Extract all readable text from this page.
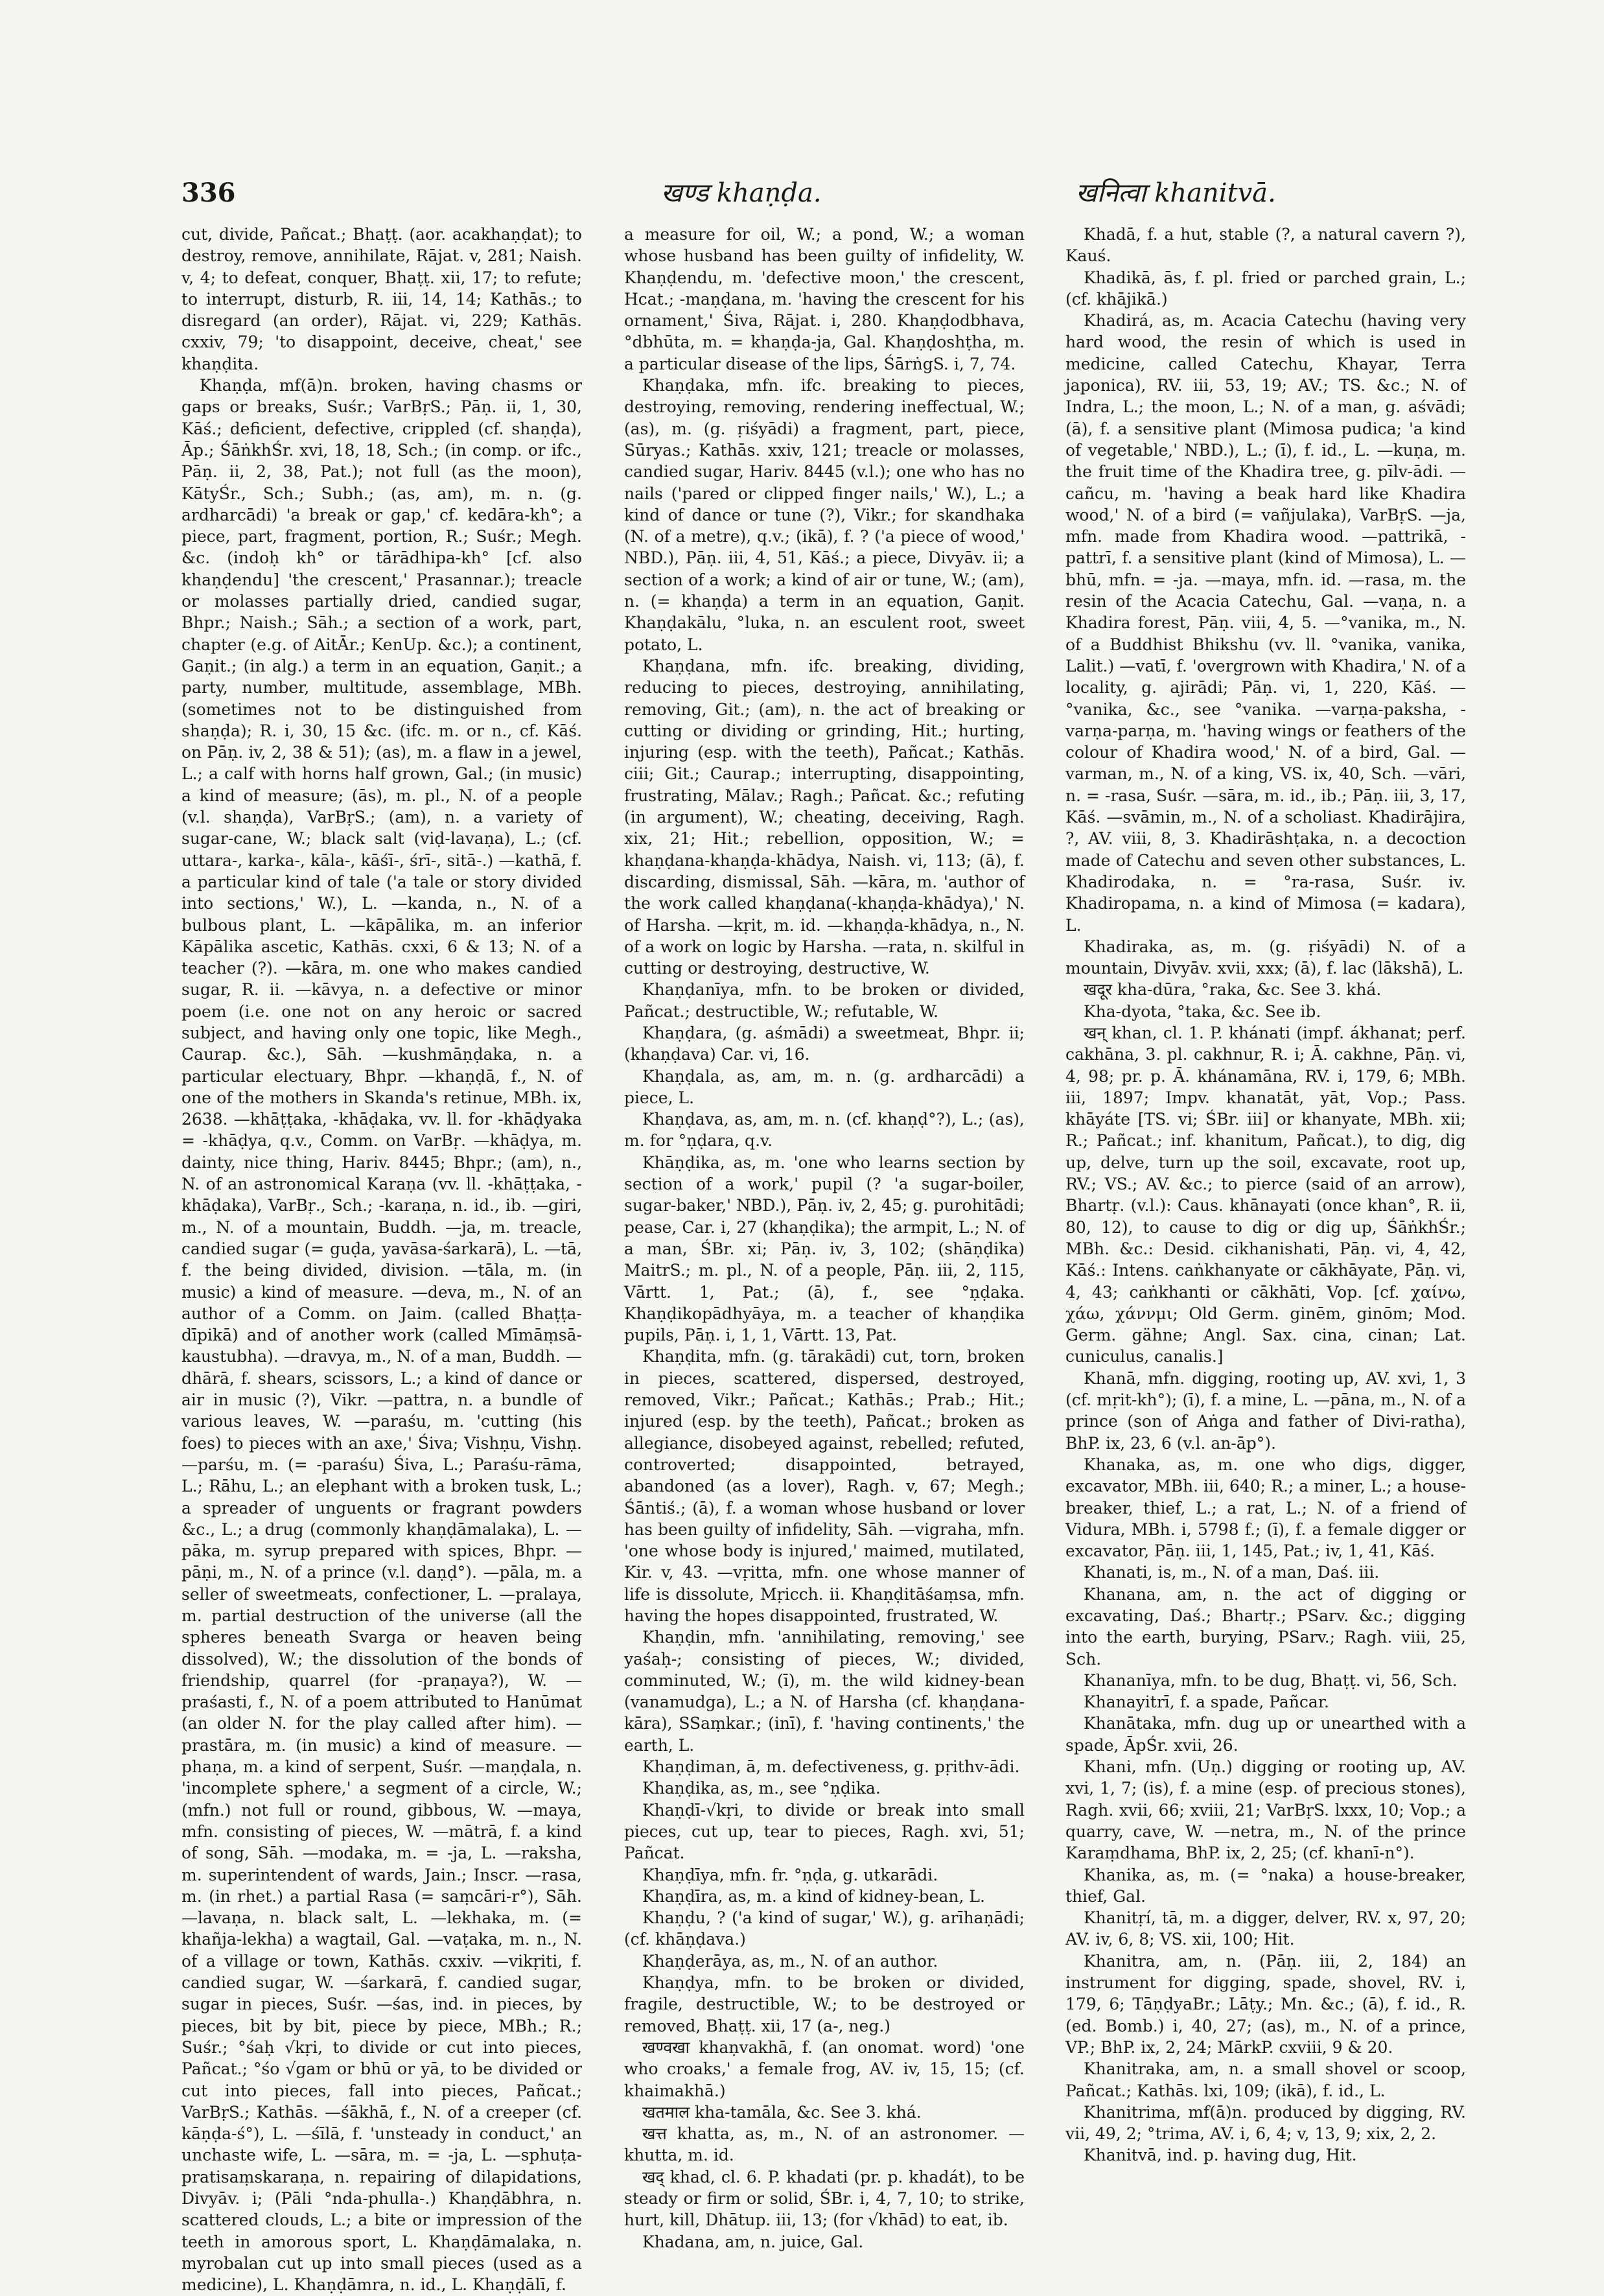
336	खण्ड khaṇḍa.	खनित्वा khanitvā.

cut, divide, Pañcat.; Bhaṭṭ. (aor. acakhaṇḍat); to destroy, remove, annihilate, Rājat. v, 281; Naish. v, 4; to defeat, conquer, Bhaṭṭ. xii, 17; to refute; to interrupt, disturb, R. iii, 14, 14; Kathās.; to disregard (an order), Rājat. vi, 229; Kathās. cxxiv, 79; 'to disappoint, deceive, cheat,' see khaṇḍita.

Khaṇḍa, mf(ā)n. broken, having chasms or gaps or breaks, Suśr.; VarBṛS.; Pāṇ. ii, 1, 30, Kāś.; deficient, defective, crippled (cf. shaṇḍa), Āp.; ŚāṅkhŚr. xvi, 18, 18, Sch.; (in comp. or ifc., Pāṇ. ii, 2, 38, Pat.); not full (as the moon), KātyŚr., Sch.; Subh.; (as, am), m. n. (g. ardharcādi) 'a break or gap,' cf. kedāra-kh°; a piece, part, fragment, portion, R.; Suśr.; Megh. &c. (indoḥ kh° or tārādhipa-kh° [cf. also khaṇḍendu] 'the crescent,' Prasannar.); treacle or molasses partially dried, candied sugar, Bhpr.; Naish.; Sāh.; a section of a work, part, chapter (e.g. of AitĀr.; KenUp. &c.); a continent, Gaṇit.; (in alg.) a term in an equation, Gaṇit.; a party, number, multitude, assemblage, MBh. (sometimes not to be distinguished from shaṇḍa); R. i, 30, 15 &c. (ifc. m. or n., cf. Kāś. on Pāṇ. iv, 2, 38 & 51); (as), m. a flaw in a jewel, L.; a calf with horns half grown, Gal.; (in music) a kind of measure; (ās), m. pl., N. of a people (v.l. shaṇḍa), VarBṛS.; (am), n. a variety of sugar-cane, W.; black salt (viḍ-lavaṇa), L.; (cf. uttara-, karka-, kāla-, kāśī-, śrī-, sitā-.) —kathā, f. a particular kind of tale ('a tale or story divided into sections,' W.), L. —kanda, n., N. of a bulbous plant, L. —kāpālika, m. an inferior Kāpālika ascetic, Kathās. cxxi, 6 & 13; N. of a teacher (?). —kāra, m. one who makes candied sugar, R. ii. —kāvya, n. a defective or minor poem (i.e. one not on any heroic or sacred subject, and having only one topic, like Megh., Caurap. &c.), Sāh. —kushmāṇḍaka, n. a particular electuary, Bhpr. —khaṇḍā, f., N. of one of the mothers in Skanda's retinue, MBh. ix, 2638. —khāṭṭaka, -khāḍaka, vv. ll. for -khāḍyaka = -khāḍya, q.v., Comm. on VarBṛ. —khāḍya, m. dainty, nice thing, Hariv. 8445; Bhpr.; (am), n., N. of an astronomical Karaṇa (vv. ll. -khāṭṭaka, -khāḍaka), VarBṛ., Sch.; -karaṇa, n. id., ib. —giri, m., N. of a mountain, Buddh. —ja, m. treacle, candied sugar (= guḍa, yavāsa-śarkarā), L. —tā, f. the being divided, division. —tāla, m. (in music) a kind of measure. —deva, m., N. of an author of a Comm. on Jaim. (called Bhaṭṭa-dīpikā) and of another work (called Mīmāṃsā-kaustubha). —dravya, m., N. of a man, Buddh. —dhārā, f. shears, scissors, L.; a kind of dance or air in music (?), Vikr. —pattra, n. a bundle of various leaves, W. —paraśu, m. 'cutting (his foes) to pieces with an axe,' Śiva; Vishṇu, Vishṇ. —parśu, m. (= -paraśu) Śiva, L.; Paraśu-rāma, L.; Rāhu, L.; an elephant with a broken tusk, L.; a spreader of unguents or fragrant powders &c., L.; a drug (commonly khaṇḍāmalaka), L. —pāka, m. syrup prepared with spices, Bhpr. —pāṇi, m., N. of a prince (v.l. daṇḍ°). —pāla, m. a seller of sweetmeats, confectioner, L. —pralaya, m. partial destruction of the universe (all the spheres beneath Svarga or heaven being dissolved), W.; the dissolution of the bonds of friendship, quarrel (for -praṇaya?), W. —praśasti, f., N. of a poem attributed to Hanūmat (an older N. for the play called after him). —prastāra, m. (in music) a kind of measure. —phaṇa, m. a kind of serpent, Suśr. —maṇḍala, n. 'incomplete sphere,' a segment of a circle, W.; (mfn.) not full or round, gibbous, W. —maya, mfn. consisting of pieces, W. —mātrā, f. a kind of song, Sāh. —modaka, m. = -ja, L. —raksha, m. superintendent of wards, Jain.; Inscr. —rasa, m. (in rhet.) a partial Rasa (= saṃcāri-r°), Sāh. —lavaṇa, n. black salt, L. —lekhaka, m. (= khañja-lekha) a wagtail, Gal. —vaṭaka, m. n., N. of a village or town, Kathās. cxxiv. —vikṛiti, f. candied sugar, W. —śarkarā, f. candied sugar, sugar in pieces, Suśr. —śas, ind. in pieces, by pieces, bit by bit, piece by piece, MBh.; R.; Suśr.; °śaḥ √kṛi, to divide or cut into pieces, Pañcat.; °śo √gam or bhū or yā, to be divided or cut into pieces, fall into pieces, Pañcat.; VarBṛS.; Kathās. —śākhā, f., N. of a creeper (cf. kāṇḍa-ś°), L. —śīlā, f. 'unsteady in conduct,' an unchaste wife, L. —sāra, m. = -ja, L. —sphuṭa-pratisaṃskaraṇa, n. repairing of dilapidations, Divyāv. i; (Pāli °nda-phulla-.) Khaṇḍābhra, n. scattered clouds, L.; a bite or impression of the teeth in amorous sport, L. Khaṇḍāmalaka, n. myrobalan cut up into small pieces (used as a medicine), L. Khaṇḍāmra, n. id., L. Khaṇḍālī, f.

a measure for oil, W.; a pond, W.; a woman whose husband has been guilty of infidelity, W. Khaṇḍendu, m. 'defective moon,' the crescent, Hcat.; -maṇḍana, m. 'having the crescent for his ornament,' Śiva, Rājat. i, 280. Khaṇḍodbhava, °dbhūta, m. = khaṇḍa-ja, Gal. Khaṇḍoshṭha, m. a particular disease of the lips, ŚārṅgS. i, 7, 74.

Khaṇḍaka, mfn. ifc. breaking to pieces, destroying, removing, rendering ineffectual, W.; (as), m. (g. ṛiśyādi) a fragment, part, piece, Sūryas.; Kathās. xxiv, 121; treacle or molasses, candied sugar, Hariv. 8445 (v.l.); one who has no nails ('pared or clipped finger nails,' W.), L.; a kind of dance or tune (?), Vikr.; for skandhaka (N. of a metre), q.v.; (ikā), f. ? ('a piece of wood,' NBD.), Pāṇ. iii, 4, 51, Kāś.; a piece, Divyāv. ii; a section of a work; a kind of air or tune, W.; (am), n. (= khaṇḍa) a term in an equation, Gaṇit. Khaṇḍakālu, °luka, n. an esculent root, sweet potato, L.

Khaṇḍana, mfn. ifc. breaking, dividing, reducing to pieces, destroying, annihilating, removing, Git.; (am), n. the act of breaking or cutting or dividing or grinding, Hit.; hurting, injuring (esp. with the teeth), Pañcat.; Kathās. ciii; Git.; Caurap.; interrupting, disappointing, frustrating, Mālav.; Ragh.; Pañcat. &c.; refuting (in argument), W.; cheating, deceiving, Ragh. xix, 21; Hit.; rebellion, opposition, W.; = khaṇḍana-khaṇḍa-khādya, Naish. vi, 113; (ā), f. discarding, dismissal, Sāh. —kāra, m. 'author of the work called khaṇḍana(-khaṇḍa-khādya),' N. of Harsha. —kṛit, m. id. —khaṇḍa-khādya, n., N. of a work on logic by Harsha. —rata, n. skilful in cutting or destroying, destructive, W.

Khaṇḍanīya, mfn. to be broken or divided, Pañcat.; destructible, W.; refutable, W.

Khaṇḍara, (g. aśmādi) a sweetmeat, Bhpr. ii; (khaṇḍava) Car. vi, 16.

Khaṇḍala, as, am, m. n. (g. ardharcādi) a piece, L.

Khaṇḍava, as, am, m. n. (cf. khaṇḍ°?), L.; (as), m. for °ṇḍara, q.v.

Khāṇḍika, as, m. 'one who learns section by section of a work,' pupil (? 'a sugar-boiler, sugar-baker,' NBD.), Pāṇ. iv, 2, 45; g. purohitādi; pease, Car. i, 27 (khaṇḍika); the armpit, L.; N. of a man, ŚBr. xi; Pāṇ. iv, 3, 102; (shāṇḍika) MaitrS.; m. pl., N. of a people, Pāṇ. iii, 2, 115, Vārtt. 1, Pat.; (ā), f., see °ṇḍaka. Khaṇḍikopādhyāya, m. a teacher of khaṇḍika pupils, Pāṇ. i, 1, 1, Vārtt. 13, Pat.

Khaṇḍita, mfn. (g. tārakādi) cut, torn, broken in pieces, scattered, dispersed, destroyed, removed, Vikr.; Pañcat.; Kathās.; Prab.; Hit.; injured (esp. by the teeth), Pañcat.; broken as allegiance, disobeyed against, rebelled; refuted, controverted; disappointed, betrayed, abandoned (as a lover), Ragh. v, 67; Megh.; Śāntiś.; (ā), f. a woman whose husband or lover has been guilty of infidelity, Sāh. —vigraha, mfn. 'one whose body is injured,' maimed, mutilated, Kir. v, 43. —vṛitta, mfn. one whose manner of life is dissolute, Mṛicch. ii. Khaṇḍitāśaṃsa, mfn. having the hopes disappointed, frustrated, W.

Khaṇḍin, mfn. 'annihilating, removing,' see yaśaḥ-; consisting of pieces, W.; divided, comminuted, W.; (ī), m. the wild kidney-bean (vanamudga), L.; a N. of Harsha (cf. khaṇḍana-kāra), SSaṃkar.; (inī), f. 'having continents,' the earth, L.

Khaṇḍiman, ā, m. defectiveness, g. pṛithv-ādi.

Khaṇḍika, as, m., see °ṇḍika.

Khaṇḍī-√kṛi, to divide or break into small pieces, cut up, tear to pieces, Ragh. xvi, 51; Pañcat.

Khaṇḍīya, mfn. fr. °ṇḍa, g. utkarādi.

Khaṇḍīra, as, m. a kind of kidney-bean, L.

Khaṇḍu, ? ('a kind of sugar,' W.), g. arīhaṇādi; (cf. khāṇḍava.)

Khaṇḍerāya, as, m., N. of an author.

Khaṇḍya, mfn. to be broken or divided, fragile, destructible, W.; to be destroyed or removed, Bhaṭṭ. xii, 17 (a-, neg.)

खण्वखा khaṇvakhā, f. (an onomat. word) 'one who croaks,' a female frog, AV. iv, 15, 15; (cf. khaimakhā.)

खतमाल kha-tamāla, &c. See 3. khá.

खत्त khatta, as, m., N. of an astronomer. —khutta, m. id.

खद् khad, cl. 6. P. khadati (pr. p. khadát), to be steady or firm or solid, ŚBr. i, 4, 7, 10; to strike, hurt, kill, Dhātup. iii, 13; (for √khād) to eat, ib.

Khadana, am, n. juice, Gal.

Khadā, f. a hut, stable (?, a natural cavern ?), Kauś.

Khadikā, ās, f. pl. fried or parched grain, L.; (cf. khājikā.)

Khadirá, as, m. Acacia Catechu (having very hard wood, the resin of which is used in medicine, called Catechu, Khayar, Terra japonica), RV. iii, 53, 19; AV.; TS. &c.; N. of Indra, L.; the moon, L.; N. of a man, g. aśvādi; (ā), f. a sensitive plant (Mimosa pudica; 'a kind of vegetable,' NBD.), L.; (ī), f. id., L. —kuṇa, m. the fruit time of the Khadira tree, g. pīlv-ādi. —cañcu, m. 'having a beak hard like Khadira wood,' N. of a bird (= vañjulaka), VarBṛS. —ja, mfn. made from Khadira wood. —pattrikā, -pattrī, f. a sensitive plant (kind of Mimosa), L. —bhū, mfn. = -ja. —maya, mfn. id. —rasa, m. the resin of the Acacia Catechu, Gal. —vaṇa, n. a Khadira forest, Pāṇ. viii, 4, 5. —°vanika, m., N. of a Buddhist Bhikshu (vv. ll. °vanika, vanika, Lalit.) —vatī, f. 'overgrown with Khadira,' N. of a locality, g. ajirādi; Pāṇ. vi, 1, 220, Kāś. —°vanika, &c., see °vanika. —varṇa-paksha, -varṇa-parṇa, m. 'having wings or feathers of the colour of Khadira wood,' N. of a bird, Gal. —varman, m., N. of a king, VS. ix, 40, Sch. —vāri, n. = -rasa, Suśr. —sāra, m. id., ib.; Pāṇ. iii, 3, 17, Kāś. —svāmin, m., N. of a scholiast. Khadirājira, ?, AV. viii, 8, 3. Khadirāshṭaka, n. a decoction made of Catechu and seven other substances, L. Khadirodaka, n. = °ra-rasa, Suśr. iv. Khadiropama, n. a kind of Mimosa (= kadara), L.

Khadiraka, as, m. (g. ṛiśyādi) N. of a mountain, Divyāv. xvii, xxx; (ā), f. lac (lākshā), L.

खदूर kha-dūra, °raka, &c. See 3. khá.

Kha-dyota, °taka, &c. See ib.

खन् khan, cl. 1. P. khánati (impf. ákhanat; perf. cakhāna, 3. pl. cakhnur, R. i; Ā. cakhne, Pāṇ. vi, 4, 98; pr. p. Ā. khánamāna, RV. i, 179, 6; MBh. iii, 1897; Impv. khanatāt, yāt, Vop.; Pass. khāyáte [TS. vi; ŚBr. iii] or khanyate, MBh. xii; R.; Pañcat.; inf. khanitum, Pañcat.), to dig, dig up, delve, turn up the soil, excavate, root up, RV.; VS.; AV. &c.; to pierce (said of an arrow), Bhartṛ. (v.l.): Caus. khānayati (once khan°, R. ii, 80, 12), to cause to dig or dig up, ŚāṅkhŚr.; MBh. &c.: Desid. cikhanishati, Pāṇ. vi, 4, 42, Kāś.: Intens. caṅkhanyate or cākhāyate, Pāṇ. vi, 4, 43; caṅkhanti or cākhāti, Vop. [cf. χαίνω, χάω, χάννμι; Old Germ. ginēm, ginōm; Mod. Germ. gähne; Angl. Sax. cina, cinan; Lat. cuniculus, canalis.]

Khanā, mfn. digging, rooting up, AV. xvi, 1, 3 (cf. mṛit-kh°); (ī), f. a mine, L. —pāna, m., N. of a prince (son of Aṅga and father of Divi-ratha), BhP. ix, 23, 6 (v.l. an-āp°).

Khanaka, as, m. one who digs, digger, excavator, MBh. iii, 640; R.; a miner, L.; a house-breaker, thief, L.; a rat, L.; N. of a friend of Vidura, MBh. i, 5798 f.; (ī), f. a female digger or excavator, Pāṇ. iii, 1, 145, Pat.; iv, 1, 41, Kāś.

Khanati, is, m., N. of a man, Daś. iii.

Khanana, am, n. the act of digging or excavating, Daś.; Bhartṛ.; PSarv. &c.; digging into the earth, burying, PSarv.; Ragh. viii, 25, Sch.

Khananīya, mfn. to be dug, Bhaṭṭ. vi, 56, Sch.

Khanayitrī, f. a spade, Pañcar.

Khanātaka, mfn. dug up or unearthed with a spade, ĀpŚr. xvii, 26.

Khani, mfn. (Uṇ.) digging or rooting up, AV. xvi, 1, 7; (is), f. a mine (esp. of precious stones), Ragh. xvii, 66; xviii, 21; VarBṛS. lxxx, 10; Vop.; a quarry, cave, W. —netra, m., N. of the prince Karaṃdhama, BhP. ix, 2, 25; (cf. khanī-n°).

Khanika, as, m. (= °naka) a house-breaker, thief, Gal.

Khanitṛí, tā, m. a digger, delver, RV. x, 97, 20; AV. iv, 6, 8; VS. xii, 100; Hit.

Khanitra, am, n. (Pāṇ. iii, 2, 184) an instrument for digging, spade, shovel, RV. i, 179, 6; TāṇḍyaBr.; Lāṭy.; Mn. &c.; (ā), f. id., R. (ed. Bomb.) i, 40, 27; (as), m., N. of a prince, VP.; BhP. ix, 2, 24; MārkP. cxviii, 9 & 20.

Khanitraka, am, n. a small shovel or scoop, Pañcat.; Kathās. lxi, 109; (ikā), f. id., L.

Khanitrima, mf(ā)n. produced by digging, RV. vii, 49, 2; °trima, AV. i, 6, 4; v, 13, 9; xix, 2, 2.

Khanitvā, ind. p. having dug, Hit.
